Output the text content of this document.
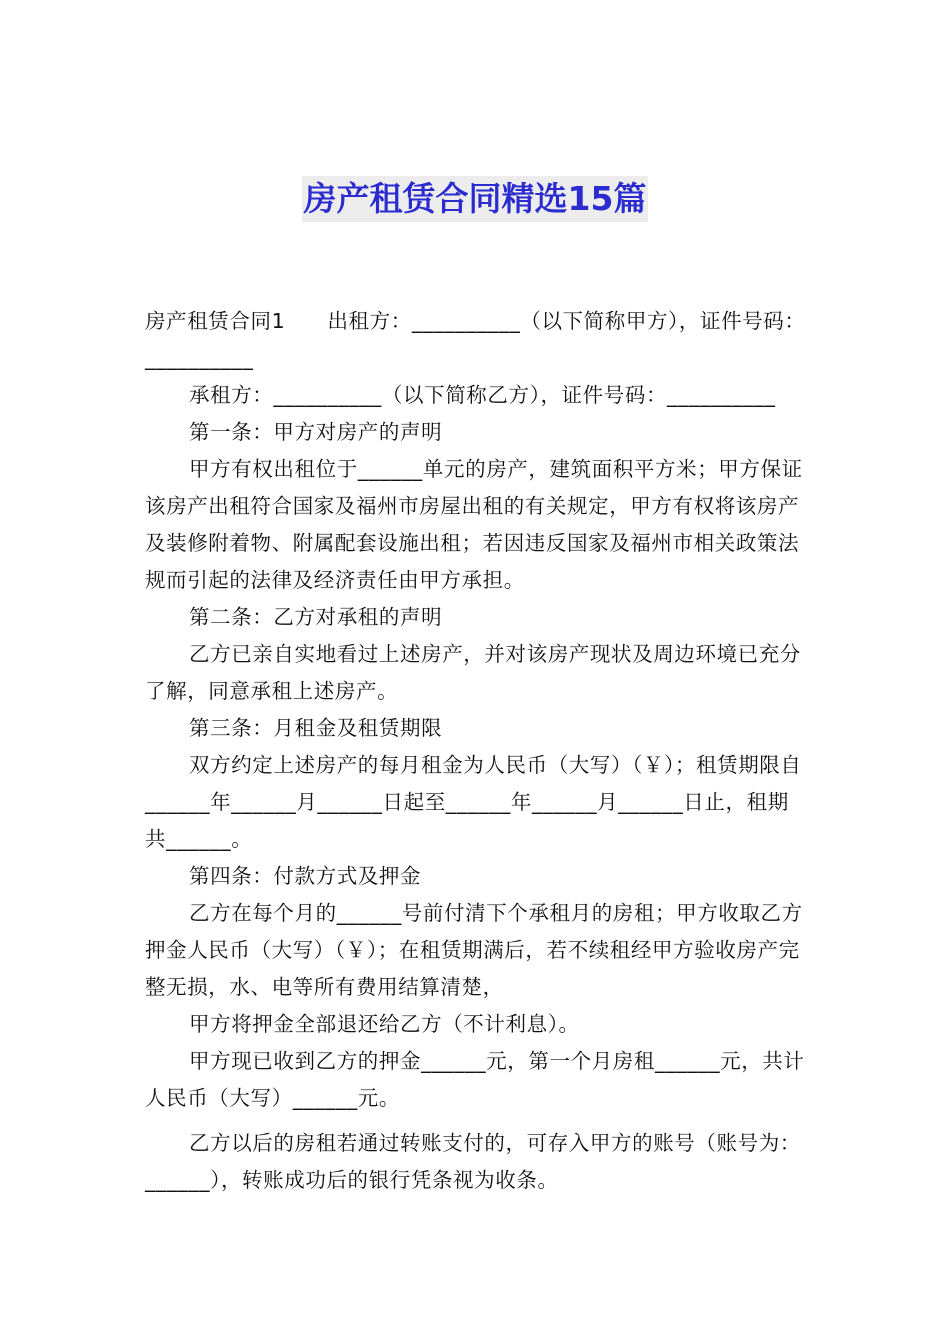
房产租赁合同精选15篇

房产租赁合同1　　出租方：__________（以下简称甲方），证件号码：__________

承租方：__________（以下简称乙方），证件号码：__________

第一条：甲方对房产的声明

甲方有权出租位于______单元的房产，建筑面积平方米；甲方保证该房产出租符合国家及福州市房屋出租的有关规定，甲方有权将该房产及装修附着物、附属配套设施出租；若因违反国家及福州市相关政策法规而引起的法律及经济责任由甲方承担。

第二条：乙方对承租的声明

乙方已亲自实地看过上述房产，并对该房产现状及周边环境已充分了解，同意承租上述房产。

第三条：月租金及租赁期限

双方约定上述房产的每月租金为人民币（大写）（￥）；租赁期限自______年______月______日起至______年______月______日止，租期共______。

第四条：付款方式及押金

乙方在每个月的______号前付清下个承租月的房租；甲方收取乙方押金人民币（大写）（￥）；在租赁期满后，若不续租经甲方验收房产完整无损，水、电等所有费用结算清楚，

甲方将押金全部退还给乙方（不计利息）。

甲方现已收到乙方的押金______元，第一个月房租______元，共计人民币（大写）______元。

乙方以后的房租若通过转账支付的，可存入甲方的账号（账号为：______），转账成功后的银行凭条视为收条。
